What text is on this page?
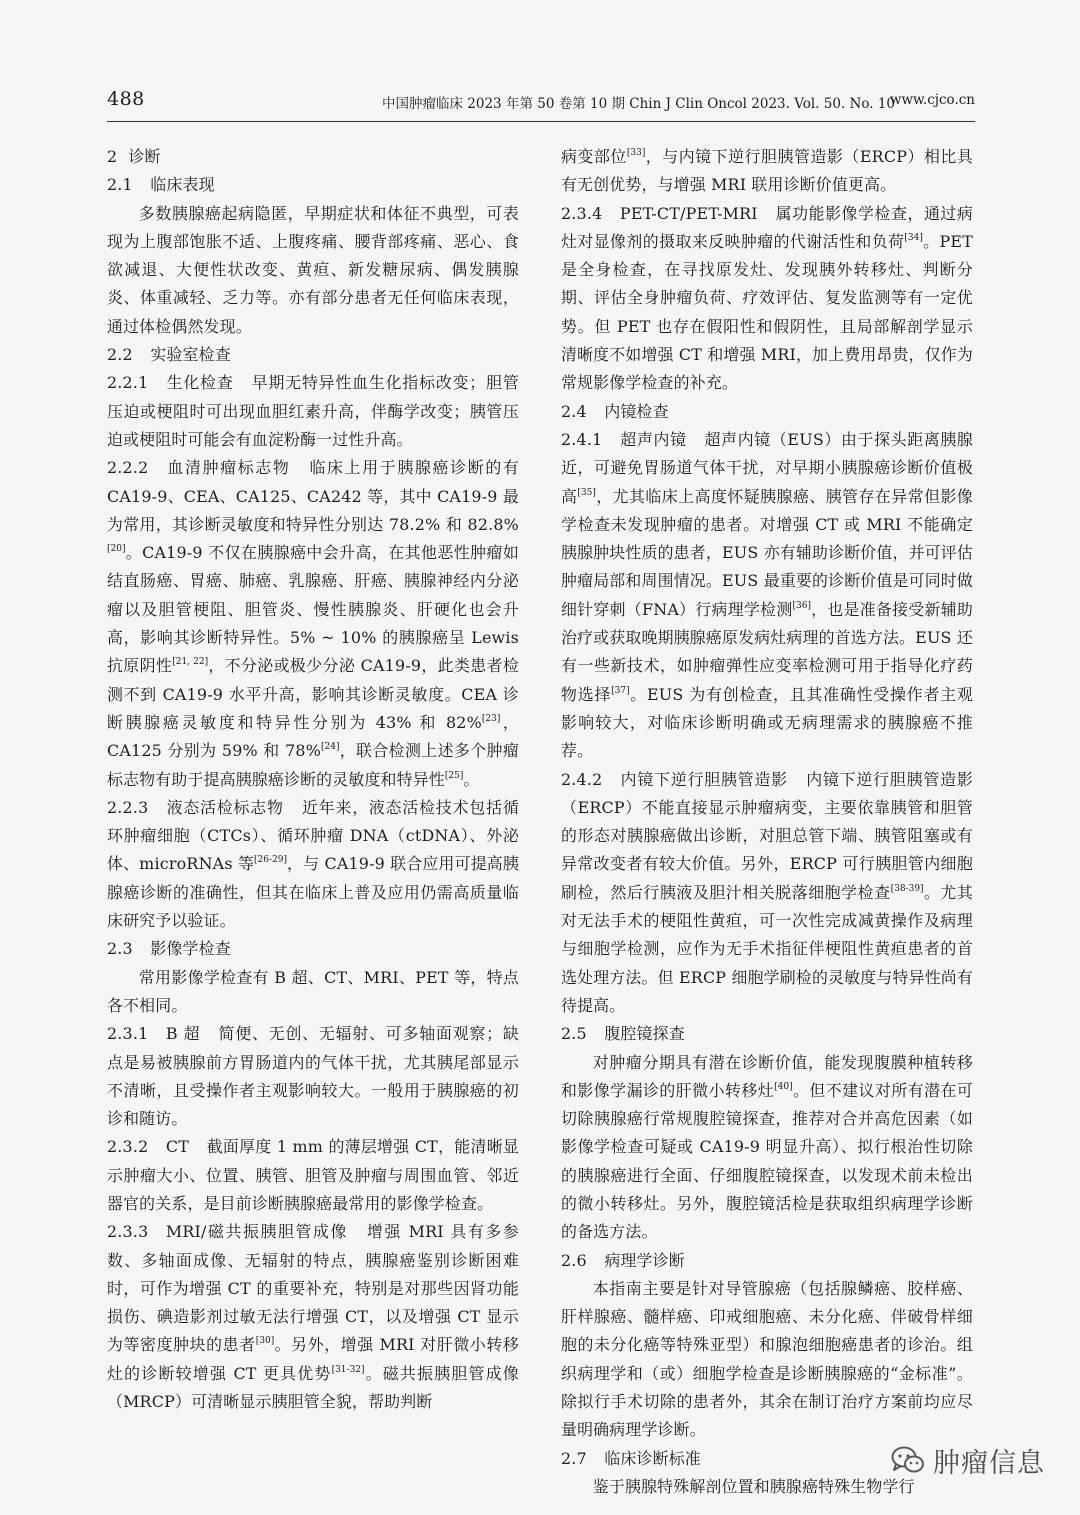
488	中国肿瘤临床 2023 年第 50 卷第 10 期 Chin J Clin Oncol 2023. Vol. 50. No. 10
www.cjco.cn

2 诊断

2.1 临床表现

多数胰腺癌起病隐匿，早期症状和体征不典型，可表现为上腹部饱胀不适、上腹疼痛、腰背部疼痛、恶心、食欲减退、大便性状改变、黄疸、新发糖尿病、偶发胰腺炎、体重减轻、乏力等。亦有部分患者无任何临床表现，通过体检偶然发现。

2.2 实验室检查

2.2.1 生化检查 早期无特异性血生化指标改变；胆管压迫或梗阻时可出现血胆红素升高，伴酶学改变；胰管压迫或梗阻时可能会有血淀粉酶一过性升高。

2.2.2 血清肿瘤标志物 临床上用于胰腺癌诊断的有 CA19-9、CEA、CA125、CA242 等，其中 CA19-9 最为常用，其诊断灵敏度和特异性分别达 78.2% 和 82.8%[20]。CA19-9 不仅在胰腺癌中会升高，在其他恶性肿瘤如结直肠癌、胃癌、肺癌、乳腺癌、肝癌、胰腺神经内分泌瘤以及胆管梗阻、胆管炎、慢性胰腺炎、肝硬化也会升高，影响其诊断特异性。5% ~ 10% 的胰腺癌呈 Lewis 抗原阴性[21, 22]，不分泌或极少分泌 CA19-9，此类患者检测不到 CA19-9 水平升高，影响其诊断灵敏度。CEA 诊断胰腺癌灵敏度和特异性分别为 43% 和 82%[23]，CA125 分别为 59% 和 78%[24]，联合检测上述多个肿瘤标志物有助于提高胰腺癌诊断的灵敏度和特异性[25]。

2.2.3 液态活检标志物 近年来，液态活检技术包括循环肿瘤细胞（CTCs）、循环肿瘤 DNA（ctDNA）、外泌体、microRNAs 等[26-29]，与 CA19-9 联合应用可提高胰腺癌诊断的准确性，但其在临床上普及应用仍需高质量临床研究予以验证。

2.3 影像学检查

常用影像学检查有 B 超、CT、MRI、PET 等，特点各不相同。

2.3.1 B 超 简便、无创、无辐射、可多轴面观察；缺点是易被胰腺前方胃肠道内的气体干扰，尤其胰尾部显示不清晰，且受操作者主观影响较大。一般用于胰腺癌的初诊和随访。

2.3.2 CT 截面厚度 1 mm 的薄层增强 CT，能清晰显示肿瘤大小、位置、胰管、胆管及肿瘤与周围血管、邻近器官的关系，是目前诊断胰腺癌最常用的影像学检查。

2.3.3 MRI/磁共振胰胆管成像 增强 MRI 具有多参数、多轴面成像、无辐射的特点，胰腺癌鉴别诊断困难时，可作为增强 CT 的重要补充，特别是对那些因肾功能损伤、碘造影剂过敏无法行增强 CT，以及增强 CT 显示为等密度肿块的患者[30]。另外，增强 MRI 对肝微小转移灶的诊断较增强 CT 更具优势[31-32]。磁共振胰胆管成像（MRCP）可清晰显示胰胆管全貌，帮助判断

病变部位[33]，与内镜下逆行胆胰管造影（ERCP）相比具有无创优势，与增强 MRI 联用诊断价值更高。

2.3.4 PET-CT/PET-MRI 属功能影像学检查，通过病灶对显像剂的摄取来反映肿瘤的代谢活性和负荷[34]。PET 是全身检查，在寻找原发灶、发现胰外转移灶、判断分期、评估全身肿瘤负荷、疗效评估、复发监测等有一定优势。但 PET 也存在假阳性和假阴性，且局部解剖学显示清晰度不如增强 CT 和增强 MRI，加上费用昂贵，仅作为常规影像学检查的补充。

2.4 内镜检查

2.4.1 超声内镜 超声内镜（EUS）由于探头距离胰腺近，可避免胃肠道气体干扰，对早期小胰腺癌诊断价值极高[35]，尤其临床上高度怀疑胰腺癌、胰管存在异常但影像学检查未发现肿瘤的患者。对增强 CT 或 MRI 不能确定胰腺肿块性质的患者，EUS 亦有辅助诊断价值，并可评估肿瘤局部和周围情况。EUS 最重要的诊断价值是可同时做细针穿刺（FNA）行病理学检测[36]，也是准备接受新辅助治疗或获取晚期胰腺癌原发病灶病理的首选方法。EUS 还有一些新技术，如肿瘤弹性应变率检测可用于指导化疗药物选择[37]。EUS 为有创检查，且其准确性受操作者主观影响较大，对临床诊断明确或无病理需求的胰腺癌不推荐。

2.4.2 内镜下逆行胆胰管造影 内镜下逆行胆胰管造影（ERCP）不能直接显示肿瘤病变，主要依靠胰管和胆管的形态对胰腺癌做出诊断，对胆总管下端、胰管阻塞或有异常改变者有较大价值。另外，ERCP 可行胰胆管内细胞刷检，然后行胰液及胆汁相关脱落细胞学检查[38-39]。尤其对无法手术的梗阻性黄疸，可一次性完成减黄操作及病理与细胞学检测，应作为无手术指征伴梗阻性黄疸患者的首选处理方法。但 ERCP 细胞学刷检的灵敏度与特异性尚有待提高。

2.5 腹腔镜探查

对肿瘤分期具有潜在诊断价值，能发现腹膜种植转移和影像学漏诊的肝微小转移灶[40]。但不建议对所有潜在可切除胰腺癌行常规腹腔镜探查，推荐对合并高危因素（如影像学检查可疑或 CA19-9 明显升高）、拟行根治性切除的胰腺癌进行全面、仔细腹腔镜探查，以发现术前未检出的微小转移灶。另外，腹腔镜活检是获取组织病理学诊断的备选方法。

2.6 病理学诊断

本指南主要是针对导管腺癌（包括腺鳞癌、胶样癌、肝样腺癌、髓样癌、印戒细胞癌、未分化癌、伴破骨样细胞的未分化癌等特殊亚型）和腺泡细胞癌患者的诊治。组织病理学和（或）细胞学检查是诊断胰腺癌的“金标准”。除拟行手术切除的患者外，其余在制订治疗方案前均应尽量明确病理学诊断。

2.7 临床诊断标准

鉴于胰腺特殊解剖位置和胰腺癌特殊生物学行

肿瘤信息
